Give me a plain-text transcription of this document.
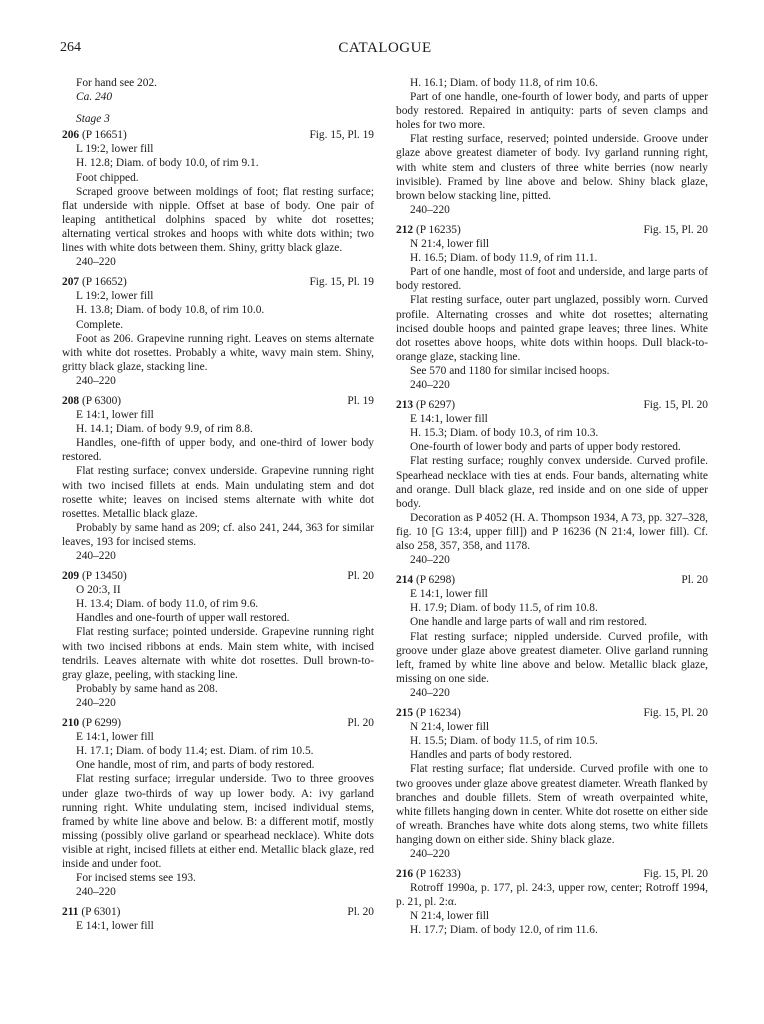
264	CATALOGUE

For hand see 202.

Ca. 240

Stage 3

206 (P 16651)	Fig. 15, Pl. 19

L 19:2, lower fill

H. 12.8; Diam. of body 10.0, of rim 9.1.

Foot chipped.

Scraped groove between moldings of foot; flat resting surface; flat underside with nipple. Offset at base of body. One pair of leaping antithetical dolphins spaced by white dot rosettes; alternating vertical strokes and hoops with white dots within; two lines with white dots between them. Shiny, gritty black glaze.

240–220

207 (P 16652)	Fig. 15, Pl. 19

L 19:2, lower fill

H. 13.8; Diam. of body 10.8, of rim 10.0.

Complete.

Foot as 206. Grapevine running right. Leaves on stems alternate with white dot rosettes. Probably a white, wavy main stem. Shiny, gritty black glaze, stacking line.

240–220

208 (P 6300)	Pl. 19

E 14:1, lower fill

H. 14.1; Diam. of body 9.9, of rim 8.8.

Handles, one-fifth of upper body, and one-third of lower body restored.

Flat resting surface; convex underside. Grapevine running right with two incised fillets at ends. Main undulating stem and dot rosette white; leaves on incised stems alternate with white dot rosettes. Metallic black glaze.

Probably by same hand as 209; cf. also 241, 244, 363 for similar leaves, 193 for incised stems.

240–220

209 (P 13450)	Pl. 20

O 20:3, II

H. 13.4; Diam. of body 11.0, of rim 9.6.

Handles and one-fourth of upper wall restored.

Flat resting surface; pointed underside. Grapevine running right with two incised ribbons at ends. Main stem white, with incised tendrils. Leaves alternate with white dot rosettes. Dull brown-to-gray glaze, peeling, with stacking line.

Probably by same hand as 208.

240–220

210 (P 6299)	Pl. 20

E 14:1, lower fill

H. 17.1; Diam. of body 11.4; est. Diam. of rim 10.5.

One handle, most of rim, and parts of body restored.

Flat resting surface; irregular underside. Two to three grooves under glaze two-thirds of way up lower body. A: ivy garland running right. White undulating stem, incised individual stems, framed by white line above and below. B: a different motif, mostly missing (possibly olive garland or spearhead necklace). White dots visible at right, incised fillets at either end. Metallic black glaze, red inside and under foot.

For incised stems see 193.

240–220

211 (P 6301)	Pl. 20

E 14:1, lower fill

H. 16.1; Diam. of body 11.8, of rim 10.6.

Part of one handle, one-fourth of lower body, and parts of upper body restored. Repaired in antiquity: parts of seven clamps and holes for two more.

Flat resting surface, reserved; pointed underside. Groove under glaze above greatest diameter of body. Ivy garland running right, with white stem and clusters of three white berries (now nearly invisible). Framed by line above and below. Shiny black glaze, brown below stacking line, pitted.

240–220

212 (P 16235)	Fig. 15, Pl. 20

N 21:4, lower fill

H. 16.5; Diam. of body 11.9, of rim 11.1.

Part of one handle, most of foot and underside, and large parts of body restored.

Flat resting surface, outer part unglazed, possibly worn. Curved profile. Alternating crosses and white dot rosettes; alternating incised double hoops and painted grape leaves; three lines. White dot rosettes above hoops, white dots within hoops. Dull black-to-orange glaze, stacking line.

See 570 and 1180 for similar incised hoops.

240–220

213 (P 6297)	Fig. 15, Pl. 20

E 14:1, lower fill

H. 15.3; Diam. of body 10.3, of rim 10.3.

One-fourth of lower body and parts of upper body restored.

Flat resting surface; roughly convex underside. Curved profile. Spearhead necklace with ties at ends. Four bands, alternating white and orange. Dull black glaze, red inside and on one side of upper body.

Decoration as P 4052 (H. A. Thompson 1934, A 73, pp. 327–328, fig. 10 [G 13:4, upper fill]) and P 16236 (N 21:4, lower fill). Cf. also 258, 357, 358, and 1178.

240–220

214 (P 6298)	Pl. 20

E 14:1, lower fill

H. 17.9; Diam. of body 11.5, of rim 10.8.

One handle and large parts of wall and rim restored.

Flat resting surface; nippled underside. Curved profile, with groove under glaze above greatest diameter. Olive garland running left, framed by white line above and below. Metallic black glaze, missing on one side.

240–220

215 (P 16234)	Fig. 15, Pl. 20

N 21:4, lower fill

H. 15.5; Diam. of body 11.5, of rim 10.5.

Handles and parts of body restored.

Flat resting surface; flat underside. Curved profile with one to two grooves under glaze above greatest diameter. Wreath flanked by branches and double fillets. Stem of wreath overpainted white, white fillets hanging down in center. White dot rosette on either side of wreath. Branches have white dots along stems, two white fillets hanging down on either side. Shiny black glaze.

240–220

216 (P 16233)	Fig. 15, Pl. 20

Rotroff 1990a, p. 177, pl. 24:3, upper row, center; Rotroff 1994, p. 21, pl. 2:α.

N 21:4, lower fill

H. 17.7; Diam. of body 12.0, of rim 11.6.
